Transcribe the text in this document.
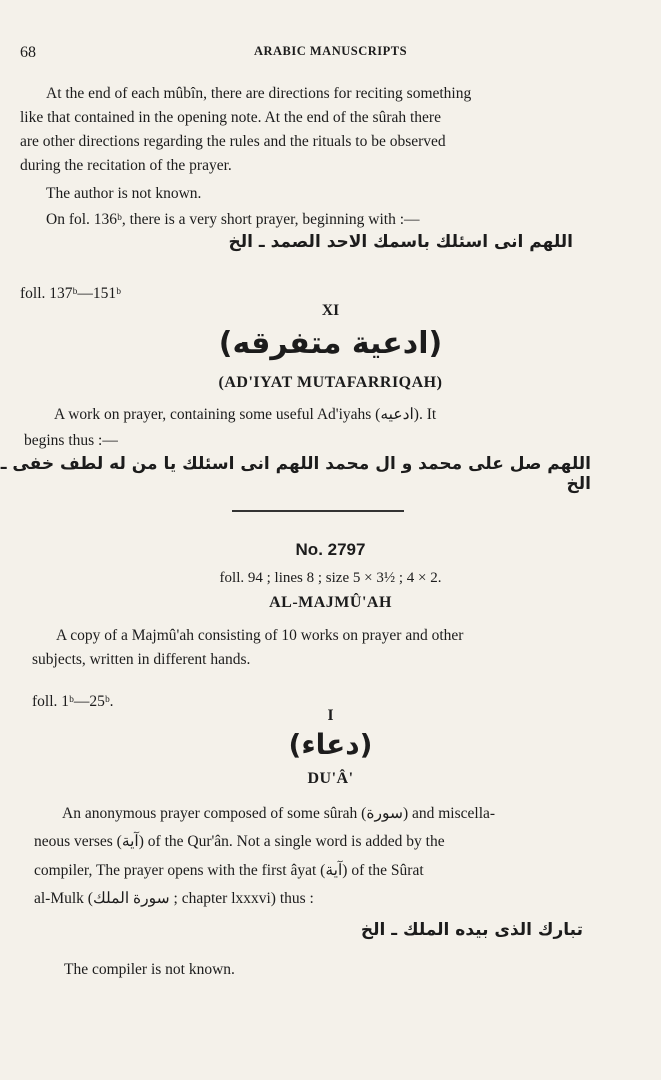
68	ARABIC MANUSCRIPTS
At the end of each mûbîn, there are directions for reciting something
like that contained in the opening note. At the end of the sûrah there
are other directions regarding the rules and the rituals to be observed
during the recitation of the prayer.
The author is not known.
On fol. 136ᵇ, there is a very short prayer, beginning with :—
اللهم انى اسئلك باسمك الاحد الصمد ـ الخ
foll. 137ᵇ—151ᵇ
XI
(ادعية متفرقه)
(AD'IYAT MUTAFARRIQAH)
A work on prayer, containing some useful Ad'iyahs (ادعيه). It
begins thus :—
اللهم صل على محمد و ال محمد اللهم انى اسئلك يا من له لطف خفى ـ الخ
No. 2797
foll. 94 ; lines 8 ; size 5 × 3½ ; 4 × 2.
AL-MAJMÛ'AH
A copy of a Majmû'ah consisting of 10 works on prayer and other
subjects, written in different hands.
foll. 1ᵇ—25ᵇ.
I
(دعاء)
DU'Â'
An anonymous prayer composed of some sûrah (سورة) and miscella-
neous verses (آية) of the Qur'ân. Not a single word is added by the
compiler, The prayer opens with the first âyat (آية) of the Sûrat
al-Mulk (سورة الملك ; chapter lxxxvi) thus :
تبارك الذى بيده الملك ـ الخ
The compiler is not known.
